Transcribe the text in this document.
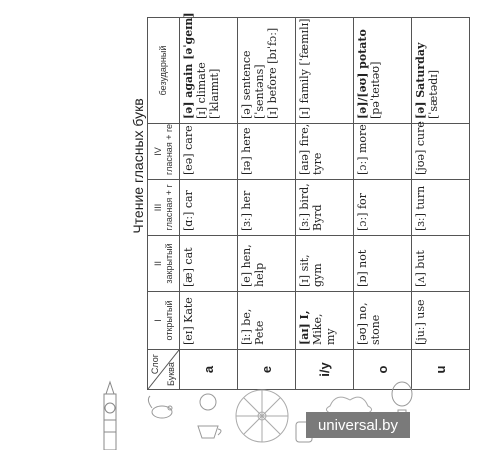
Чтение гласных букв
Слог Буква	I открытый	II закрытый	III гласная + r	IV гласная + re	безударный

a	[eɪ] Kate	[æ] cat	[ɑː] car	[eə] care	[ə] again [əˈgeɪn] [ɪ] climate [ˈklaɪmɪt]

e	[iː] be, Pete	[e] hen, help	[ɜː] her	[ɪə] here	[ə] sentence [ˈsentəns] [ɪ] before [bɪˈfɔː]

i/y	[aɪ] I, Mike, my	[ɪ] sit, gym	[ɜː] bird, Byrd	[aɪə] fire, tyre	[ɪ] family [ˈfæmɪlɪ]

o	[əʊ] no, stone	[ɒ] not	[ɔː] for	[ɔː] more	[ə]/[əʊ] potato [pəˈteɪtəʊ]

u	[juː] use	[ʌ] but	[ɜː] turn	[jʊə] cure	[ə] Saturday [ˈsætədɪ]
universal.by
